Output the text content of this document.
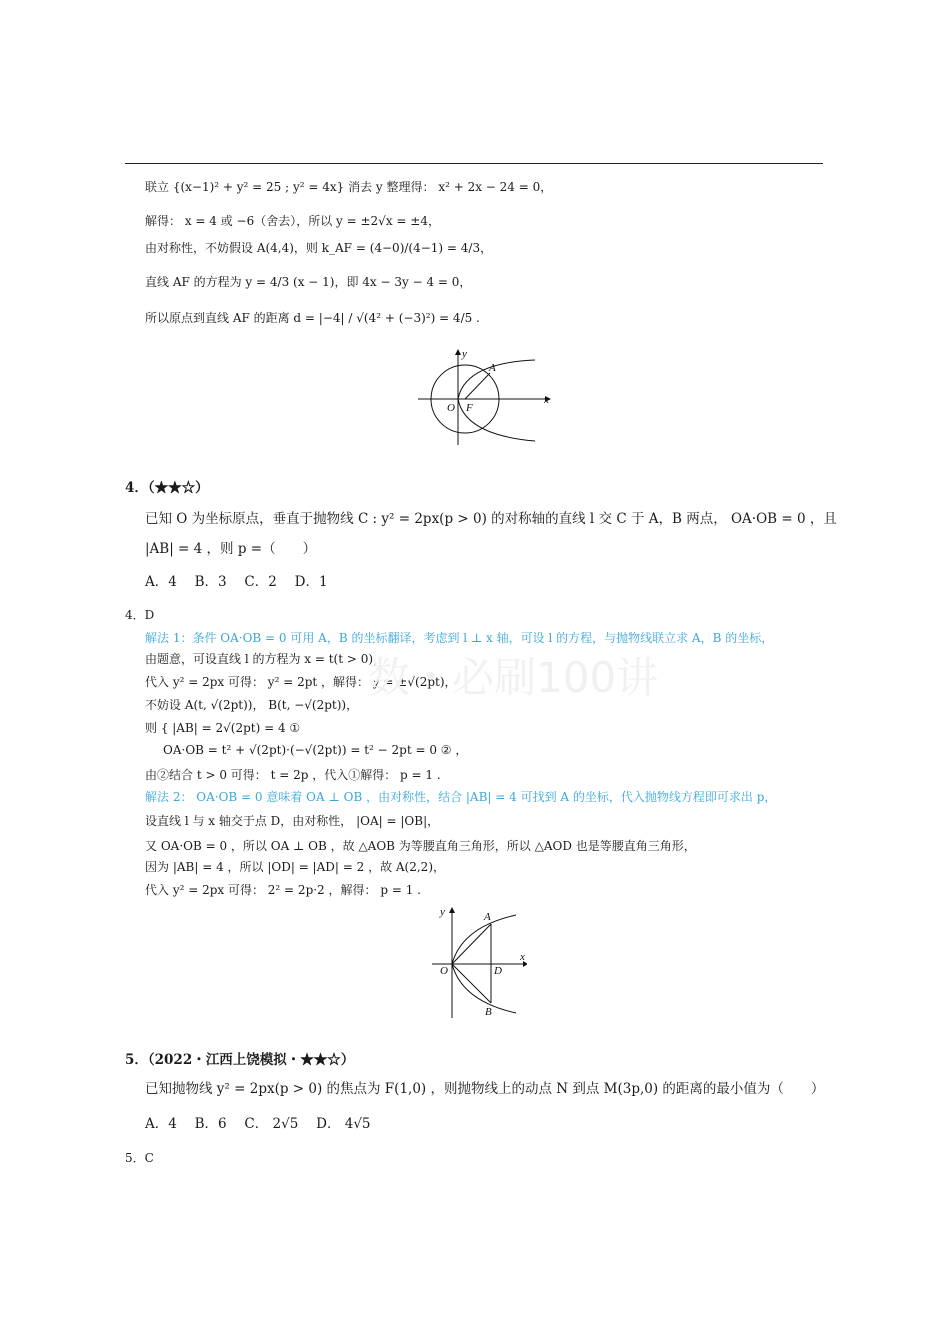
联立 {(x−1)² + y² = 25 ; y² = 4x} 消去 y 整理得： x² + 2x − 24 = 0，
解得： x = 4 或 −6（舍去），所以 y = ±2√x = ±4，
由对称性，不妨假设 A(4,4)，则 k_AF = (4−0)/(4−1) = 4/3，
直线 AF 的方程为 y = 4/3 (x − 1)，即 4x − 3y − 4 = 0，
所以原点到直线 AF 的距离 d = |−4| / √(4² + (−3)²) = 4/5 .
y
x
O F
A
4．（★★☆）
已知 O 为坐标原点，垂直于抛物线 C : y² = 2px(p > 0) 的对称轴的直线 l 交 C 于 A，B 两点， OA·OB = 0 ，且
|AB| = 4 ，则 p =（　　）
A．4　 B．3　 C．2　 D．1
4．D
解法 1：条件 OA·OB = 0 可用 A，B 的坐标翻译，考虑到 l ⊥ x 轴，可设 l 的方程，与抛物线联立求 A，B 的坐标，
由题意，可设直线 l 的方程为 x = t(t > 0)，
代入 y² = 2px 可得： y² = 2pt ，解得： y = ±√(2pt)，
不妨设 A(t, √(2pt))， B(t, −√(2pt))，
则 { |AB| = 2√(2pt) = 4 ①
OA·OB = t² + √(2pt)·(−√(2pt)) = t² − 2pt = 0 ② ，
由②结合 t > 0 可得： t = 2p ，代入①解得： p = 1 .
解法 2： OA·OB = 0 意味着 OA ⊥ OB ，由对称性，结合 |AB| = 4 可找到 A 的坐标，代入抛物线方程即可求出 p，
设直线 l 与 x 轴交于点 D，由对称性， |OA| = |OB|，
又 OA·OB = 0 ，所以 OA ⊥ OB ，故 △AOB 为等腰直角三角形，所以 △AOD 也是等腰直角三角形，
因为 |AB| = 4 ，所以 |OD| = |AD| = 2 ，故 A(2,2)，
代入 y² = 2px 可得： 2² = 2p·2 ，解得： p = 1 .
数・必刷100讲
y
x
O
A
B
D
5．（2022・江西上饶模拟・★★☆）
已知抛物线 y² = 2px(p > 0) 的焦点为 F(1,0) ，则抛物线上的动点 N 到点 M(3p,0) 的距离的最小值为（　　）
A．4　 B．6　 C． 2√5　 D． 4√5
5．C
